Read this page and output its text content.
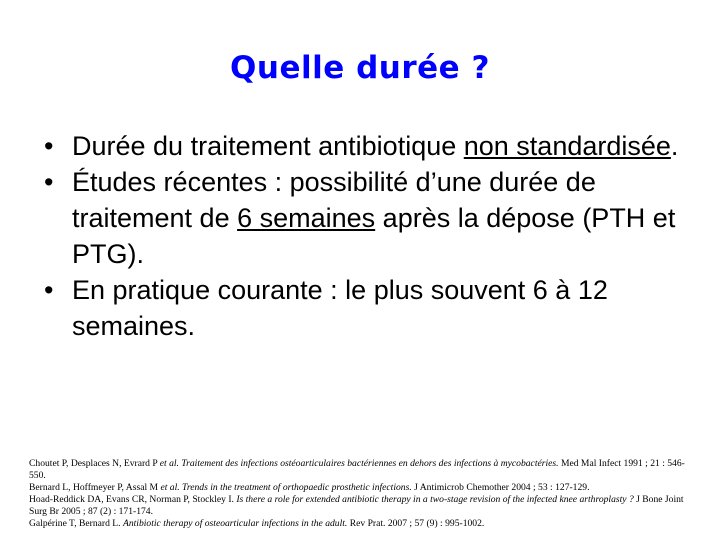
Quelle durée ?
• Durée du traitement antibiotique non standardisée.
• Études récentes : possibilité d’une durée de traitement de 6 semaines après la dépose (PTH et PTG).
• En pratique courante : le plus souvent 6 à 12 semaines.

Choutet P, Desplaces N, Evrard P et al. Traitement des infections ostéoarticulaires bactériennes en dehors des infections à mycobactéries. Med Mal Infect 1991 ; 21 : 546-550.

Bernard L, Hoffmeyer P, Assal M et al. Trends in the treatment of orthopaedic prosthetic infections. J Antimicrob Chemother 2004 ; 53 : 127-129.

Hoad-Reddick DA, Evans CR, Norman P, Stockley I. Is there a role for extended antibiotic therapy in a two-stage revision of the infected knee arthroplasty ? J Bone Joint Surg Br 2005 ; 87 (2) : 171-174.

Galpérine T, Bernard L. Antibiotic therapy of osteoarticular infections in the adult. Rev Prat. 2007 ; 57 (9) : 995-1002.
